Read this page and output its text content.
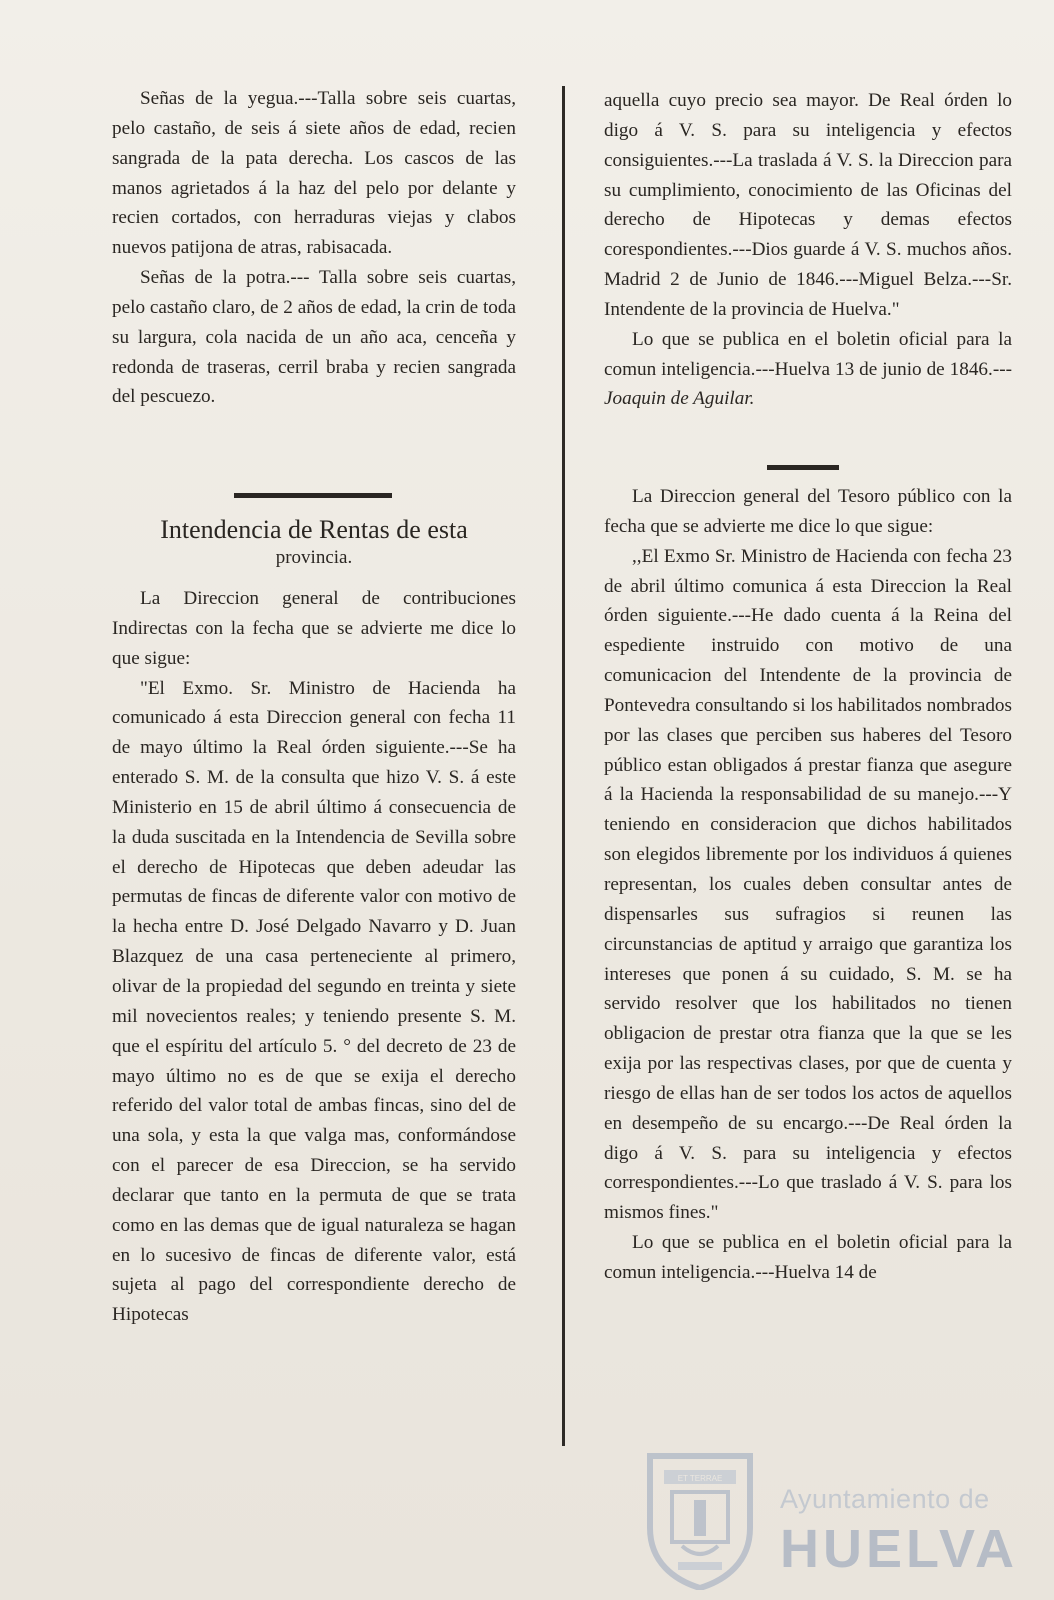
Señas de la yegua.---Talla sobre seis cuartas, pelo castaño, de seis á siete años de edad, recien sangrada de la pata derecha. Los cascos de las manos agrietados á la haz del pelo por delante y recien cortados, con herraduras viejas y clabos nuevos patijona de atras, rabisacada.

Señas de la potra.--- Talla sobre seis cuartas, pelo castaño claro, de 2 años de edad, la crin de toda su largura, cola nacida de un año aca, cenceña y redonda de traseras, cerril braba y recien sangrada del pescuezo.

Intendencia de Rentas de esta
provincia.

La Direccion general de contribuciones Indirectas con la fecha que se advierte me dice lo que sigue:

"El Exmo. Sr. Ministro de Hacienda ha comunicado á esta Direccion general con fecha 11 de mayo último la Real órden siguiente.---Se ha enterado S. M. de la consulta que hizo V. S. á este Ministerio en 15 de abril último á consecuencia de la duda suscitada en la Intendencia de Sevilla sobre el derecho de Hipotecas que deben adeudar las permutas de fincas de diferente valor con motivo de la hecha entre D. José Delgado Navarro y D. Juan Blazquez de una casa perteneciente al primero, olivar de la propiedad del segundo en treinta y siete mil novecientos reales; y teniendo presente S. M. que el espíritu del artículo 5. ° del decreto de 23 de mayo último no es de que se exija el derecho referido del valor total de ambas fincas, sino del de una sola, y esta la que valga mas, conformándose con el parecer de esa Direccion, se ha servido declarar que tanto en la permuta de que se trata como en las demas que de igual naturaleza se hagan en lo sucesivo de fincas de diferente valor, está sujeta al pago del correspondiente derecho de Hipotecas

aquella cuyo precio sea mayor. De Real órden lo digo á V. S. para su inteligencia y efectos consiguientes.---La traslada á V. S. la Direccion para su cumplimiento, conocimiento de las Oficinas del derecho de Hipotecas y demas efectos corespondientes.---Dios guarde á V. S. muchos años. Madrid 2 de Junio de 1846.---Miguel Belza.---Sr. Intendente de la provincia de Huelva."

Lo que se publica en el boletin oficial para la comun inteligencia.---Huelva 13 de junio de 1846.---Joaquin de Aguilar.

La Direccion general del Tesoro público con la fecha que se advierte me dice lo que sigue:

,,El Exmo Sr. Ministro de Hacienda con fecha 23 de abril último comunica á esta Direccion la Real órden siguiente.---He dado cuenta á la Reina del espediente instruido con motivo de una comunicacion del Intendente de la provincia de Pontevedra consultando si los habilitados nombrados por las clases que perciben sus haberes del Tesoro público estan obligados á prestar fianza que asegure á la Hacienda la responsabilidad de su manejo.---Y teniendo en consideracion que dichos habilitados son elegidos libremente por los individuos á quienes representan, los cuales deben consultar antes de dispensarles sus sufragios si reunen las circunstancias de aptitud y arraigo que garantiza los intereses que ponen á su cuidado, S. M. se ha servido resolver que los habilitados no tienen obligacion de prestar otra fianza que la que se les exija por las respectivas clases, por que de cuenta y riesgo de ellas han de ser todos los actos de aquellos en desempeño de su encargo.---De Real órden la digo á V. S. para su inteligencia y efectos correspondientes.---Lo que traslado á V. S. para los mismos fines."

Lo que se publica en el boletin oficial para la comun inteligencia.---Huelva 14 de

ET TERRAE
Ayuntamiento de
HUELVA
